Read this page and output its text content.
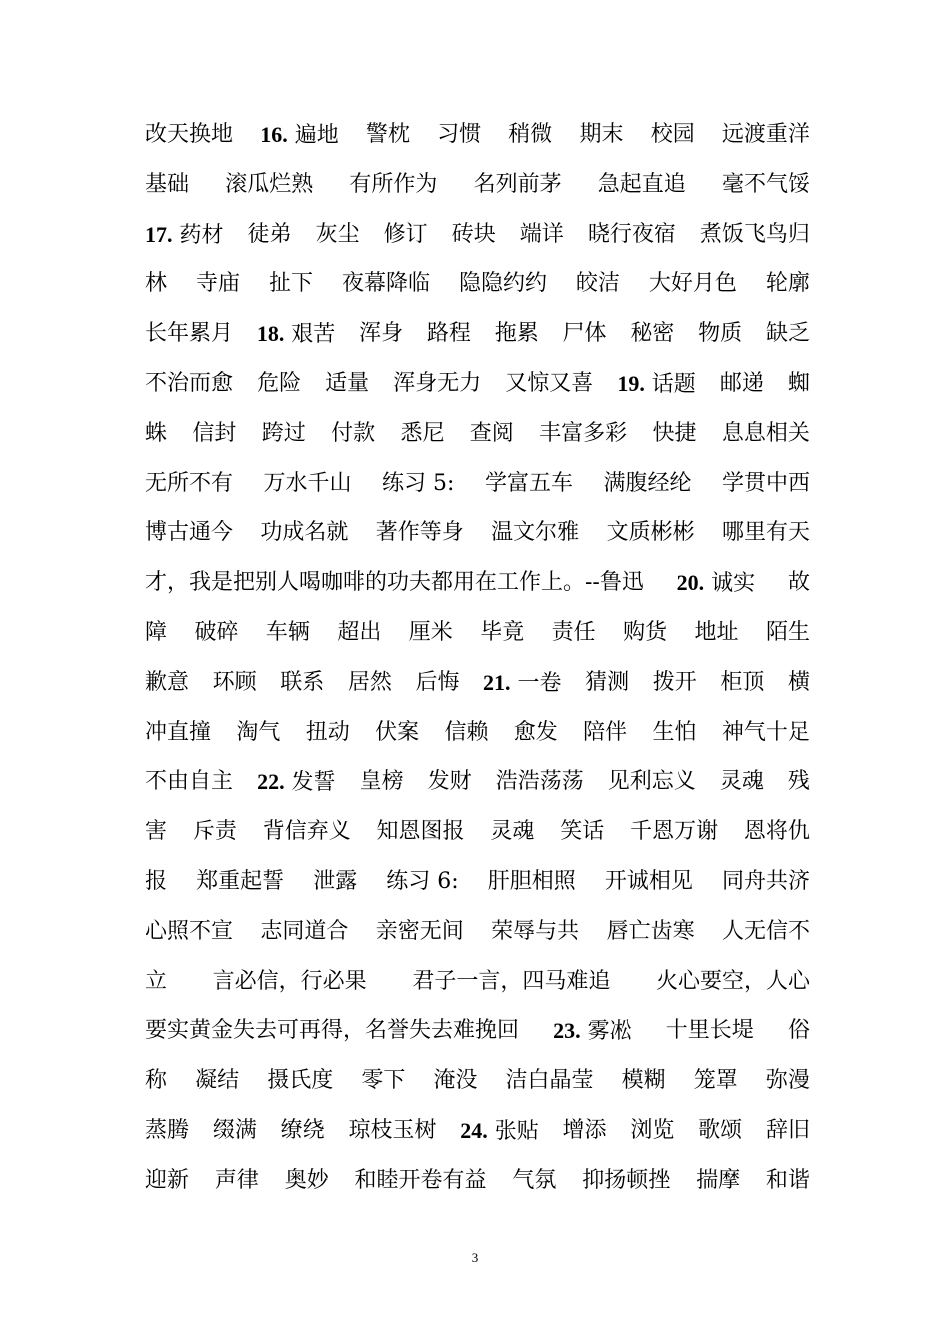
改天换地 16. 遍地 警枕 习惯 稍微 期末 校园 远渡重洋
基础 滚瓜烂熟 有所作为 名列前茅 急起直追 毫不气馁
17. 药材 徒弟 灰尘 修订 砖块 端详 晓行夜宿 煮饭飞鸟归
林 寺庙 扯下 夜幕降临 隐隐约约 皎洁 大好月色 轮廓
长年累月 18. 艰苦 浑身 路程 拖累 尸体 秘密 物质 缺乏
不治而愈 危险 适量 浑身无力 又惊又喜 19. 话题 邮递 蜘
蛛 信封 跨过 付款 悉尼 查阅 丰富多彩 快捷 息息相关
无所不有 万水千山 练习 5: 学富五车 满腹经纶 学贯中西
博古通今 功成名就 著作等身 温文尔雅 文质彬彬 哪里有天
才，我是把别人喝咖啡的功夫都用在工作上。--鲁迅 20. 诚实 故
障 破碎 车辆 超出 厘米 毕竟 责任 购货 地址 陌生
歉意 环顾 联系 居然 后悔 21. 一卷 猜测 拨开 柜顶 横
冲直撞 淘气 扭动 伏案 信赖 愈发 陪伴 生怕 神气十足
不由自主 22. 发誓 皇榜 发财 浩浩荡荡 见利忘义 灵魂 残
害 斥责 背信弃义 知恩图报 灵魂 笑话 千恩万谢 恩将仇
报 郑重起誓 泄露 练习 6: 肝胆相照 开诚相见 同舟共济
心照不宣 志同道合 亲密无间 荣辱与共 唇亡齿寒 人无信不
立 言必信，行必果 君子一言，四马难追 火心要空，人心
要实黄金失去可再得，名誉失去难挽回 23. 雾凇 十里长堤 俗
称 凝结 摄氏度 零下 淹没 洁白晶莹 模糊 笼罩 弥漫
蒸腾 缀满 缭绕 琼枝玉树 24. 张贴 增添 浏览 歌颂 辞旧
迎新 声律 奥妙 和睦开卷有益 气氛 抑扬顿挫 揣摩 和谐
3
